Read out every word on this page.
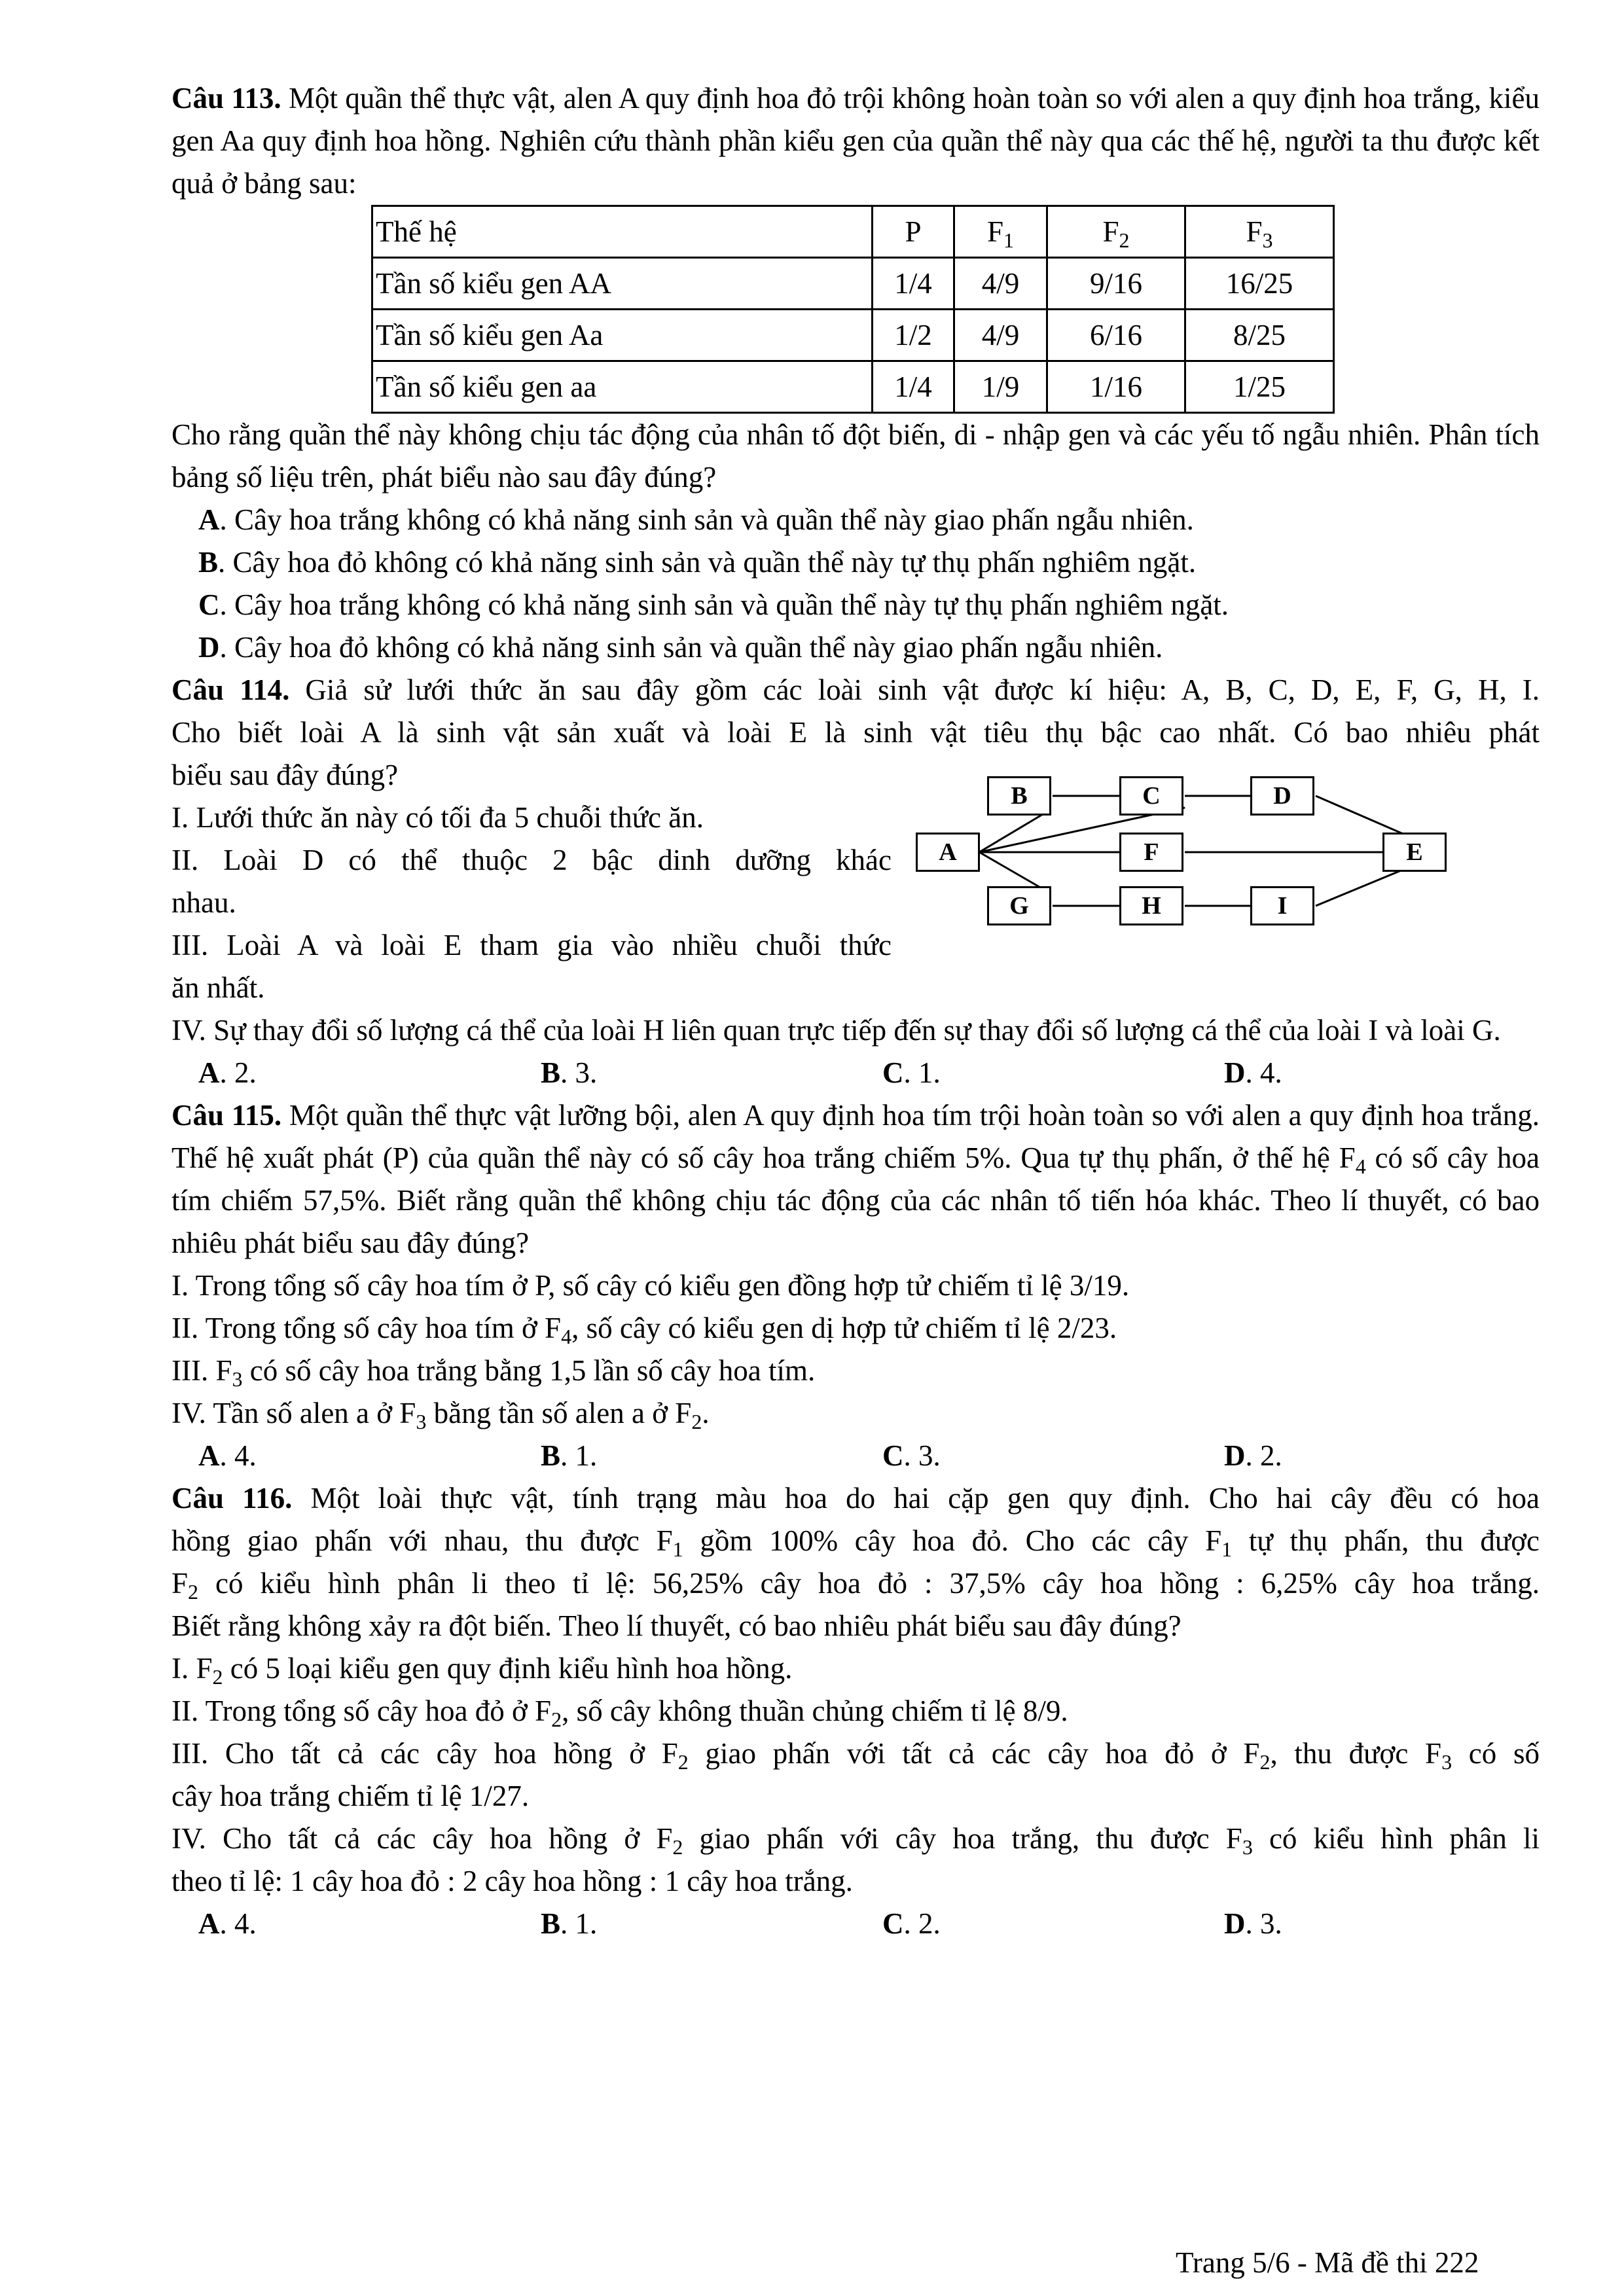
Câu 113. Một quần thể thực vật, alen A quy định hoa đỏ trội không hoàn toàn so với alen a quy định hoa trắng, kiểu gen Aa quy định hoa hồng. Nghiên cứu thành phần kiểu gen của quần thể này qua các thế hệ, người ta thu được kết quả ở bảng sau:

Thế hệ	P	$F_1$	$F_2$	$F_3$
Tần số kiểu gen AA	1/4	4/9	9/16	16/25
Tần số kiểu gen Aa	1/2	4/9	6/16	8/25
Tần số kiểu gen aa	1/4	1/9	1/16	1/25

Cho rằng quần thể này không chịu tác động của nhân tố đột biến, di - nhập gen và các yếu tố ngẫu nhiên. Phân tích bảng số liệu trên, phát biểu nào sau đây đúng?

A. Cây hoa trắng không có khả năng sinh sản và quần thể này giao phấn ngẫu nhiên.

B. Cây hoa đỏ không có khả năng sinh sản và quần thể này tự thụ phấn nghiêm ngặt.

C. Cây hoa trắng không có khả năng sinh sản và quần thể này tự thụ phấn nghiêm ngặt.

D. Cây hoa đỏ không có khả năng sinh sản và quần thể này giao phấn ngẫu nhiên.

Câu 114. Giả sử lưới thức ăn sau đây gồm các loài sinh vật được kí hiệu: A, B, C, D, E, F, G, H, I.

Cho biết loài A là sinh vật sản xuất và loài E là sinh vật tiêu thụ bậc cao nhất. Có bao nhiêu phát

biểu sau đây đúng?

I. Lưới thức ăn này có tối đa 5 chuỗi thức ăn.

II. Loài D có thể thuộc 2 bậc dinh dưỡng khác

nhau.

III. Loài A và loài E tham gia vào nhiều chuỗi thức

ăn nhất.

A
B	C	D
E
F
G	H	I

IV. Sự thay đổi số lượng cá thể của loài H liên quan trực tiếp đến sự thay đổi số lượng cá thể của loài I và loài G.

A. 2.	B. 3.	C. 1.	D. 4.

Câu 115. Một quần thể thực vật lưỡng bội, alen A quy định hoa tím trội hoàn toàn so với alen a quy định hoa trắng. Thế hệ xuất phát (P) của quần thể này có số cây hoa trắng chiếm 5%. Qua tự thụ phấn, ở thế hệ $F_4$ có số cây hoa tím chiếm 57,5%. Biết rằng quần thể không chịu tác động của các nhân tố tiến hóa khác. Theo lí thuyết, có bao nhiêu phát biểu sau đây đúng?

I. Trong tổng số cây hoa tím ở P, số cây có kiểu gen đồng hợp tử chiếm tỉ lệ 3/19.

II. Trong tổng số cây hoa tím ở $F_4$, số cây có kiểu gen dị hợp tử chiếm tỉ lệ 2/23.

III. $F_3$ có số cây hoa trắng bằng 1,5 lần số cây hoa tím.

IV. Tần số alen a ở $F_3$ bằng tần số alen a ở $F_2$.

A. 4.	B. 1.	C. 3.	D. 2.

Câu 116. Một loài thực vật, tính trạng màu hoa do hai cặp gen quy định. Cho hai cây đều có hoa

hồng giao phấn với nhau, thu được $F_1$ gồm 100% cây hoa đỏ. Cho các cây $F_1$ tự thụ phấn, thu được

$F_2$ có kiểu hình phân li theo tỉ lệ: 56,25% cây hoa đỏ : 37,5% cây hoa hồng : 6,25% cây hoa trắng.

Biết rằng không xảy ra đột biến. Theo lí thuyết, có bao nhiêu phát biểu sau đây đúng?

I. $F_2$ có 5 loại kiểu gen quy định kiểu hình hoa hồng.

II. Trong tổng số cây hoa đỏ ở $F_2$, số cây không thuần chủng chiếm tỉ lệ 8/9.

III. Cho tất cả các cây hoa hồng ở $F_2$ giao phấn với tất cả các cây hoa đỏ ở $F_2$, thu được $F_3$ có số

cây hoa trắng chiếm tỉ lệ 1/27.

IV. Cho tất cả các cây hoa hồng ở $F_2$ giao phấn với cây hoa trắng, thu được $F_3$ có kiểu hình phân li

theo tỉ lệ: 1 cây hoa đỏ : 2 cây hoa hồng : 1 cây hoa trắng.

A. 4.	B. 1.	C. 2.	D. 3.
Trang 5/6 - Mã đề thi 222
